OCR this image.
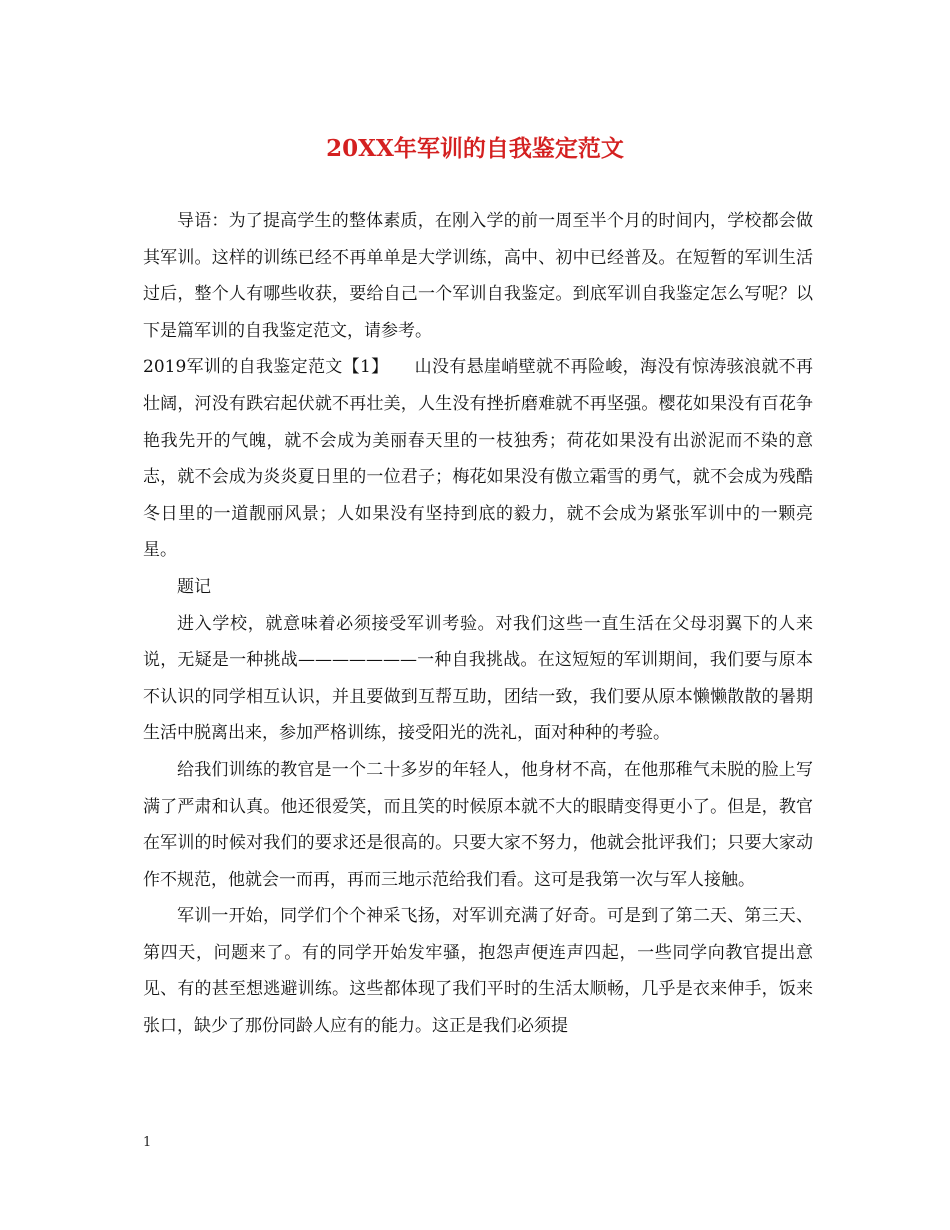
20XX年军训的自我鉴定范文

导语：为了提高学生的整体素质，在刚入学的前一周至半个月的时间内，学校都会做其军训。这样的训练已经不再单单是大学训练，高中、初中已经普及。在短暂的军训生活过后，整个人有哪些收获，要给自己一个军训自我鉴定。到底军训自我鉴定怎么写呢？以下是篇军训的自我鉴定范文，请参考。

2019军训的自我鉴定范文【1】　　山没有悬崖峭壁就不再险峻，海没有惊涛骇浪就不再壮阔，河没有跌宕起伏就不再壮美，人生没有挫折磨难就不再坚强。樱花如果没有百花争艳我先开的气魄，就不会成为美丽春天里的一枝独秀；荷花如果没有出淤泥而不染的意志，就不会成为炎炎夏日里的一位君子；梅花如果没有傲立霜雪的勇气，就不会成为残酷冬日里的一道靓丽风景；人如果没有坚持到底的毅力，就不会成为紧张军训中的一颗亮星。

题记

进入学校，就意味着必须接受军训考验。对我们这些一直生活在父母羽翼下的人来说，无疑是一种挑战———————一种自我挑战。在这短短的军训期间，我们要与原本不认识的同学相互认识，并且要做到互帮互助，团结一致，我们要从原本懒懒散散的暑期生活中脱离出来，参加严格训练，接受阳光的洗礼，面对种种的考验。

给我们训练的教官是一个二十多岁的年轻人，他身材不高，在他那稚气未脱的脸上写满了严肃和认真。他还很爱笑，而且笑的时候原本就不大的眼睛变得更小了。但是，教官在军训的时候对我们的要求还是很高的。只要大家不努力，他就会批评我们；只要大家动作不规范，他就会一而再，再而三地示范给我们看。这可是我第一次与军人接触。

军训一开始，同学们个个神采飞扬，对军训充满了好奇。可是到了第二天、第三天、第四天，问题来了。有的同学开始发牢骚，抱怨声便连声四起，一些同学向教官提出意见、有的甚至想逃避训练。这些都体现了我们平时的生活太顺畅，几乎是衣来伸手，饭来张口，缺少了那份同龄人应有的能力。这正是我们必须提

1
